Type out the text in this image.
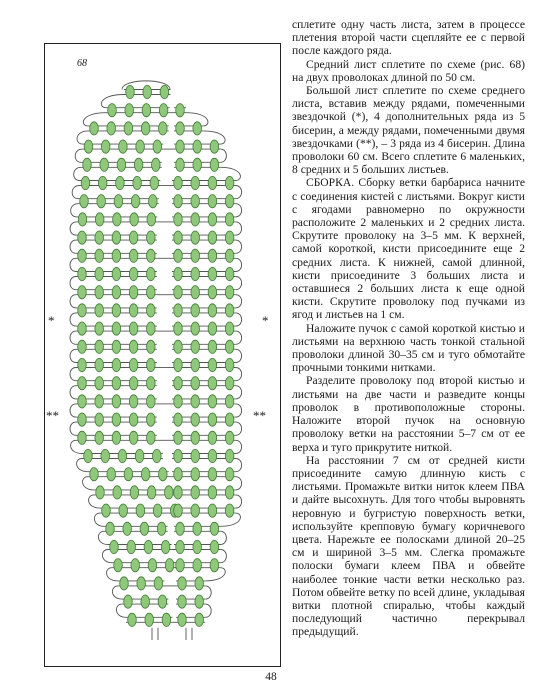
68
*	*
**	**

сплетите одну часть листа, затем в процессе плетения второй части сцепляйте ее с первой после каждого ряда.

Средний лист сплетите по схеме (рис. 68) на двух проволоках длиной по 50 см.

Большой лист сплетите по схеме среднего листа, вставив между рядами, помеченными звездочкой (*), 4 дополнительных ряда из 5 бисерин, а между рядами, помеченными двумя звездочками (**), – 3 ряда из 4 бисерин. Длина проволоки 60 см. Всего сплетите 6 маленьких, 8 средних и 5 больших листьев.

СБОРКА. Сборку ветки барбариса начните с соединения кистей с листьями. Вокруг кисти с ягодами равномерно по окружности расположите 2 маленьких и 2 средних листа. Скрутите проволоку на 3–5 мм. К верхней, самой короткой, кисти присоедините еще 2 средних листа. К нижней, самой длинной, кисти присоедините 3 больших листа и оставшиеся 2 больших листа к еще одной кисти. Скрутите проволоку под пучками из ягод и листьев на 1 см.

Наложите пучок с самой короткой кистью и листьями на верхнюю часть тонкой стальной проволоки длиной 30–35 см и туго обмотайте прочными тонкими нитками.

Разделите проволоку под второй кистью и листьями на две части и разведите концы проволок в противоположные стороны. Наложите второй пучок на основную проволоку ветки на расстоянии 5–7 см от ее верха и туго прикрутите ниткой.

На расстоянии 7 см от средней кисти присоедините самую длинную кисть с листьями. Промажьте витки ниток клеем ПВА и дайте высохнуть. Для того чтобы выровнять неровную и бугристую поверхность ветки, используйте крепповую бумагу коричневого цвета. Нарежьте ее полосками длиной 20–25 см и шириной 3–5 мм. Слегка промажьте полоски бумаги клеем ПВА и обвейте наиболее тонкие части ветки несколько раз. Потом обвейте ветку по всей длине, укладывая витки плотной спиралью, чтобы каждый последующий частично перекрывал предыдущий.

48
